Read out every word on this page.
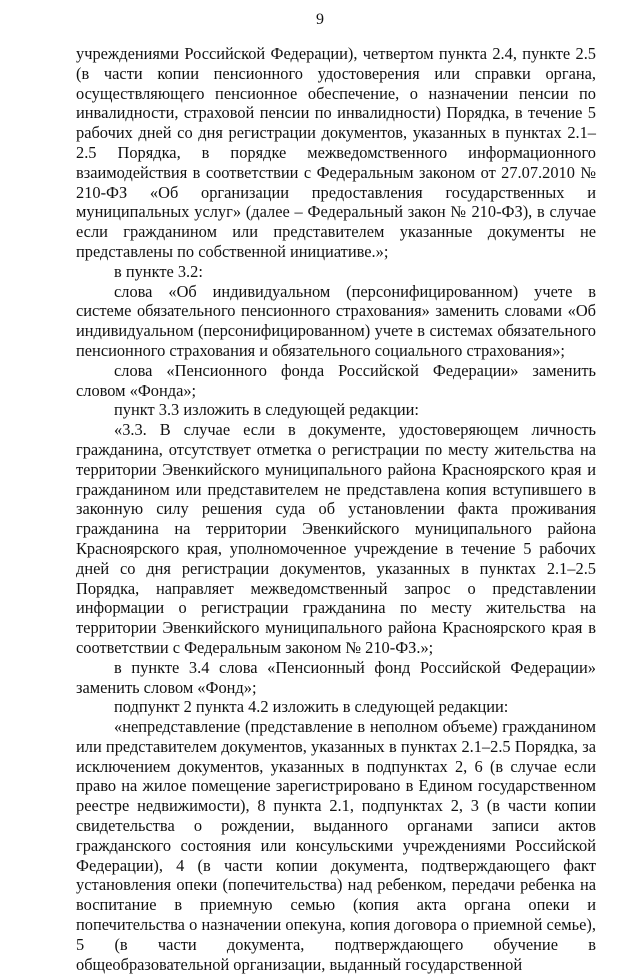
9

учреждениями Российской Федерации), четвертом пункта 2.4, пункте 2.5 (в части копии пенсионного удостоверения или справки органа, осуществляющего пенсионное обеспечение, о назначении пенсии по инвалидности, страховой пенсии по инвалидности) Порядка, в течение 5 рабочих дней со дня регистрации документов, указанных в пунктах 2.1–2.5 Порядка, в порядке межведомственного информационного взаимодействия в соответствии с Федеральным законом от 27.07.2010 № 210-ФЗ «Об организации предоставления государственных и муниципальных услуг» (далее – Федеральный закон № 210-ФЗ), в случае если гражданином или представителем указанные документы не представлены по собственной инициативе.»;

в пункте 3.2:

слова «Об индивидуальном (персонифицированном) учете в системе обязательного пенсионного страхования» заменить словами «Об индивидуальном (персонифицированном) учете в системах обязательного пенсионного страхования и обязательного социального страхования»;

слова «Пенсионного фонда Российской Федерации» заменить словом «Фонда»;

пункт 3.3 изложить в следующей редакции:

«3.3. В случае если в документе, удостоверяющем личность гражданина, отсутствует отметка о регистрации по месту жительства на территории Эвенкийского муниципального района Красноярского края и гражданином или представителем не представлена копия вступившего в законную силу решения суда об установлении факта проживания гражданина на территории Эвенкийского муниципального района Красноярского края, уполномоченное учреждение в течение 5 рабочих дней со дня регистрации документов, указанных в пунктах 2.1–2.5 Порядка, направляет межведомственный запрос о представлении информации о регистрации гражданина по месту жительства на территории Эвенкийского муниципального района Красноярского края в соответствии с Федеральным законом № 210-ФЗ.»;

в пункте 3.4 слова «Пенсионный фонд Российской Федерации» заменить словом «Фонд»;

подпункт 2 пункта 4.2 изложить в следующей редакции:

«непредставление (представление в неполном объеме) гражданином или представителем документов, указанных в пунктах 2.1–2.5 Порядка, за исключением документов, указанных в подпунктах 2, 6 (в случае если право на жилое помещение зарегистрировано в Едином государственном реестре недвижимости), 8 пункта 2.1, подпунктах 2, 3 (в части копии свидетельства о рождении, выданного органами записи актов гражданского состояния или консульскими учреждениями Российской Федерации), 4 (в части копии документа, подтверждающего факт установления опеки (попечительства) над ребенком, передачи ребенка на воспитание в приемную семью (копия акта органа опеки и попечительства о назначении опекуна, копия договора о приемной семье), 5 (в части документа, подтверждающего обучение в общеобразовательной организации, выданный государственной
